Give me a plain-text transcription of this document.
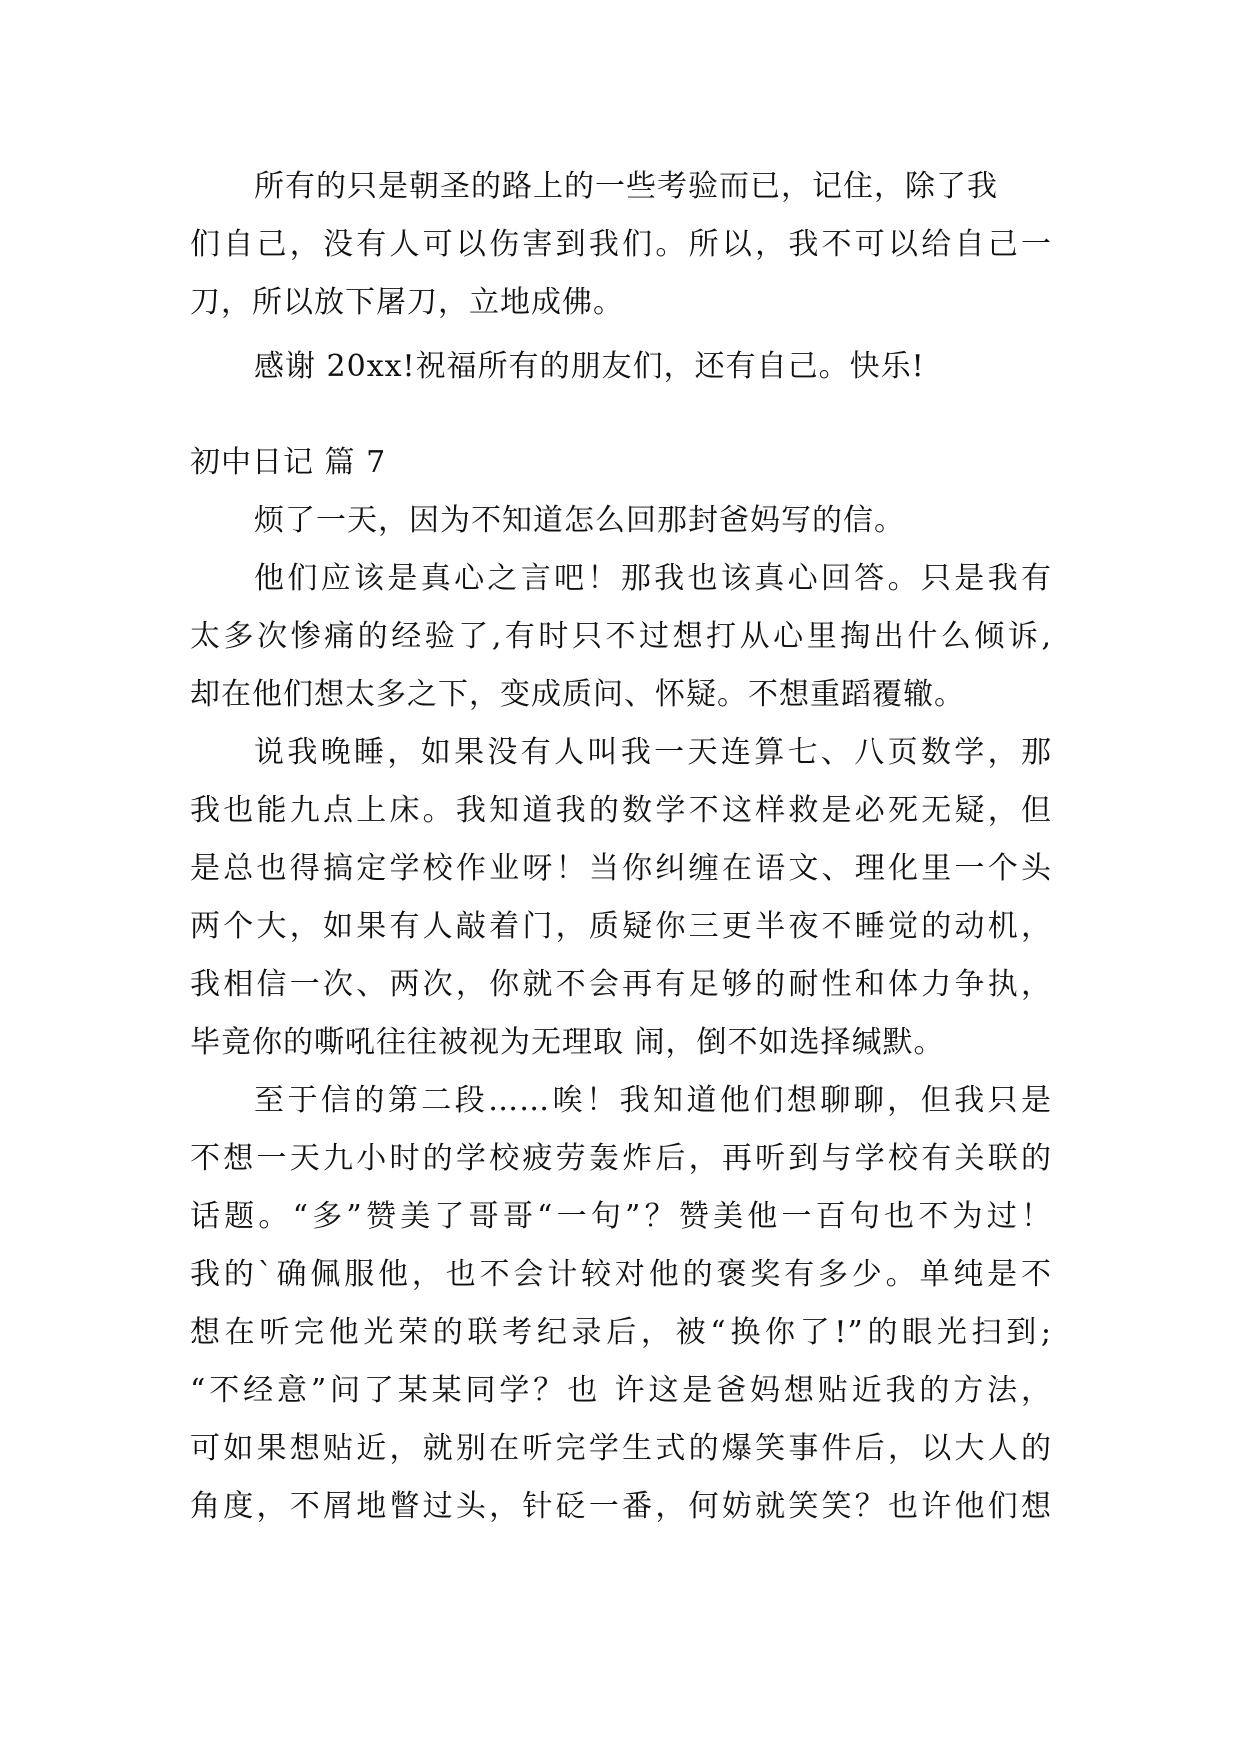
所有的只是朝圣的路上的一些考验而已，记住，除了我
们自己，没有人可以伤害到我们。所以，我不可以给自己一
刀，所以放下屠刀，立地成佛。
感谢 20xx!祝福所有的朋友们，还有自己。快乐!
初中日记 篇 7
烦了一天，因为不知道怎么回那封爸妈写的信。
他们应该是真心之言吧！那我也该真心回答。只是我有
太多次惨痛的经验了,有时只不过想打从心里掏出什么倾诉,
却在他们想太多之下，变成质问、怀疑。不想重蹈覆辙。
说我晚睡，如果没有人叫我一天连算七、八页数学，那
我也能九点上床。我知道我的数学不这样救是必死无疑，但
是总也得搞定学校作业呀！当你纠缠在语文、理化里一个头
两个大，如果有人敲着门，质疑你三更半夜不睡觉的动机，
我相信一次、两次，你就不会再有足够的耐性和体力争执，
毕竟你的嘶吼往往被视为无理取 闹，倒不如选择缄默。
至于信的第二段……唉！我知道他们想聊聊，但我只是
不想一天九小时的学校疲劳轰炸后，再听到与学校有关联的
话题。“多”赞美了哥哥“一句”？赞美他一百句也不为过！
我的`确佩服他，也不会计较对他的褒奖有多少。单纯是不
想在听完他光荣的联考纪录后，被“换你了!”的眼光扫到;
“不经意”问了某某同学？也 许这是爸妈想贴近我的方法，
可如果想贴近，就别在听完学生式的爆笑事件后，以大人的
角度，不屑地瞥过头，针砭一番，何妨就笑笑？也许他们想
